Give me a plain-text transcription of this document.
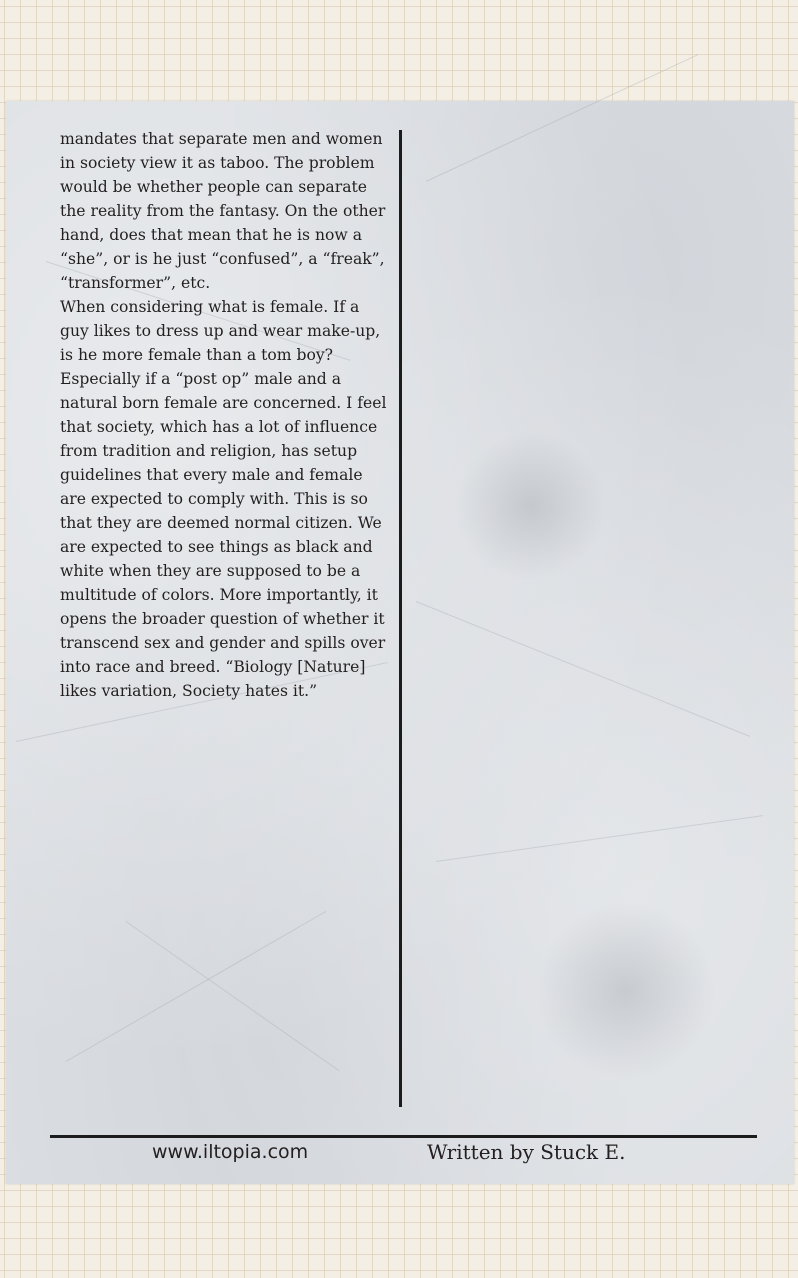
mandates that separate men and women in society view it as taboo. The problem would be whether people can separate the reality from the fantasy. On the other hand, does that mean that he is now a “she”, or is he just “confused”, a “freak”, “transformer”, etc.

When considering what is female. If a guy likes to dress up and wear make-up, is he more female than a tom boy? Especially if a “post op” male and a natural born female are concerned. I feel that society, which has a lot of influence from tradition and religion, has setup guidelines that every male and female are expected to comply with. This is so that they are deemed normal citizen. We are expected to see things as black and white when they are supposed to be a multitude of colors. More importantly, it opens the broader question of whether it transcend sex and gender and spills over into race and breed. “Biology [Nature] likes variation, Society hates it.”

www.iltopia.com	Written by Stuck E.
